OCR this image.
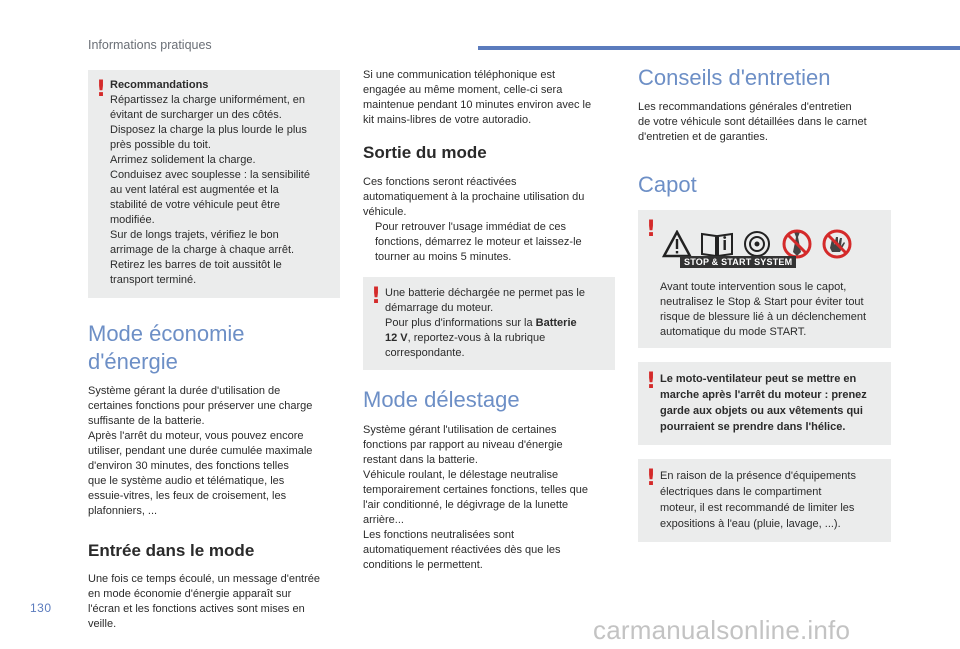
Informations pratiques
! Recommandations

Répartissez la charge uniformément, en
évitant de surcharger un des côtés.
Disposez la charge la plus lourde le plus
près possible du toit.
Arrimez solidement la charge.
Conduisez avec souplesse : la sensibilité
au vent latéral est augmentée et la
stabilité de votre véhicule peut être
modifiée.
Sur de longs trajets, vérifiez le bon
arrimage de la charge à chaque arrêt.
Retirez les barres de toit aussitôt le
transport terminé.

Mode économie d'énergie

Système gérant la durée d'utilisation de
certaines fonctions pour préserver une charge
suffisante de la batterie.
Après l'arrêt du moteur, vous pouvez encore
utiliser, pendant une durée cumulée maximale
d'environ 30 minutes, des fonctions telles
que le système audio et télématique, les
essuie-vitres, les feux de croisement, les
plafonniers, ...

Entrée dans le mode

Une fois ce temps écoulé, un message d'entrée
en mode économie d'énergie apparaît sur
l'écran et les fonctions actives sont mises en
veille.

Si une communication téléphonique est
engagée au même moment, celle-ci sera
maintenue pendant 10 minutes environ avec le
kit mains-libres de votre autoradio.

Sortie du mode

Ces fonctions seront réactivées
automatiquement à la prochaine utilisation du
véhicule.

Pour retrouver l'usage immédiat de ces
fonctions, démarrez le moteur et laissez-le
tourner au moins 5 minutes.

! Une batterie déchargée ne permet pas le
démarrage du moteur.
Pour plus d'informations sur la Batterie
12 V, reportez-vous à la rubrique
correspondante.

Mode délestage

Système gérant l'utilisation de certaines
fonctions par rapport au niveau d'énergie
restant dans la batterie.
Véhicule roulant, le délestage neutralise
temporairement certaines fonctions, telles que
l'air conditionné, le dégivrage de la lunette
arrière...
Les fonctions neutralisées sont
automatiquement réactivées dès que les
conditions le permettent.

Conseils d'entretien

Les recommandations générales d'entretien
de votre véhicule sont détaillées dans le carnet
d'entretien et de garanties.

Capot
!
STOP & START SYSTEM

Avant toute intervention sous le capot,
neutralisez le Stop & Start pour éviter tout
risque de blessure lié à un déclenchement
automatique du mode START.

! Le moto-ventilateur peut se mettre en
marche après l'arrêt du moteur : prenez
garde aux objets ou aux vêtements qui
pourraient se prendre dans l'hélice.

! En raison de la présence d'équipements
électriques dans le compartiment
moteur, il est recommandé de limiter les
expositions à l'eau (pluie, lavage, ...).

130
carmanualsonline.info
